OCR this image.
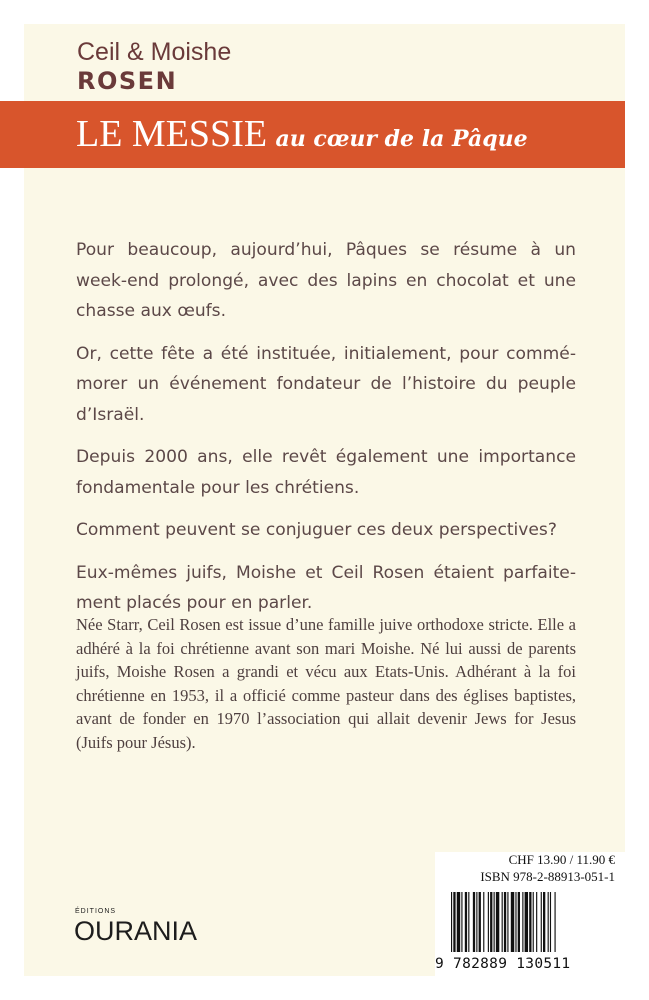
Ceil & Moishe
ROSEN
LE MESSIE au cœur de la Pâque

Pour beaucoup, aujourd’hui, Pâques se résume à un week-end prolongé, avec des lapins en chocolat et une chasse aux œufs.

Or, cette fête a été instituée, initialement, pour commé-morer un événement fondateur de l’histoire du peuple d’Israël.

Depuis 2000 ans, elle revêt également une importance fondamentale pour les chrétiens.

Comment peuvent se conjuguer ces deux perspectives?

Eux-mêmes juifs, Moishe et Ceil Rosen étaient parfaite-ment placés pour en parler.

Née Starr, Ceil Rosen est issue d’une famille juive orthodoxe stricte. Elle a adhéré à la foi chrétienne avant son mari Moishe. Né lui aussi de parents juifs, Moishe Rosen a grandi et vécu aux Etats-Unis. Adhérant à la foi chrétienne en 1953, il a officié comme pasteur dans des églises baptistes, avant de fonder en 1970 l’association qui allait devenir Jews for Jesus (Juifs pour Jésus).
ÉDITIONS
OURANIA
CHF 13.90 / 11.90 €
ISBN 978-2-88913-051-1
9 782889 130511
